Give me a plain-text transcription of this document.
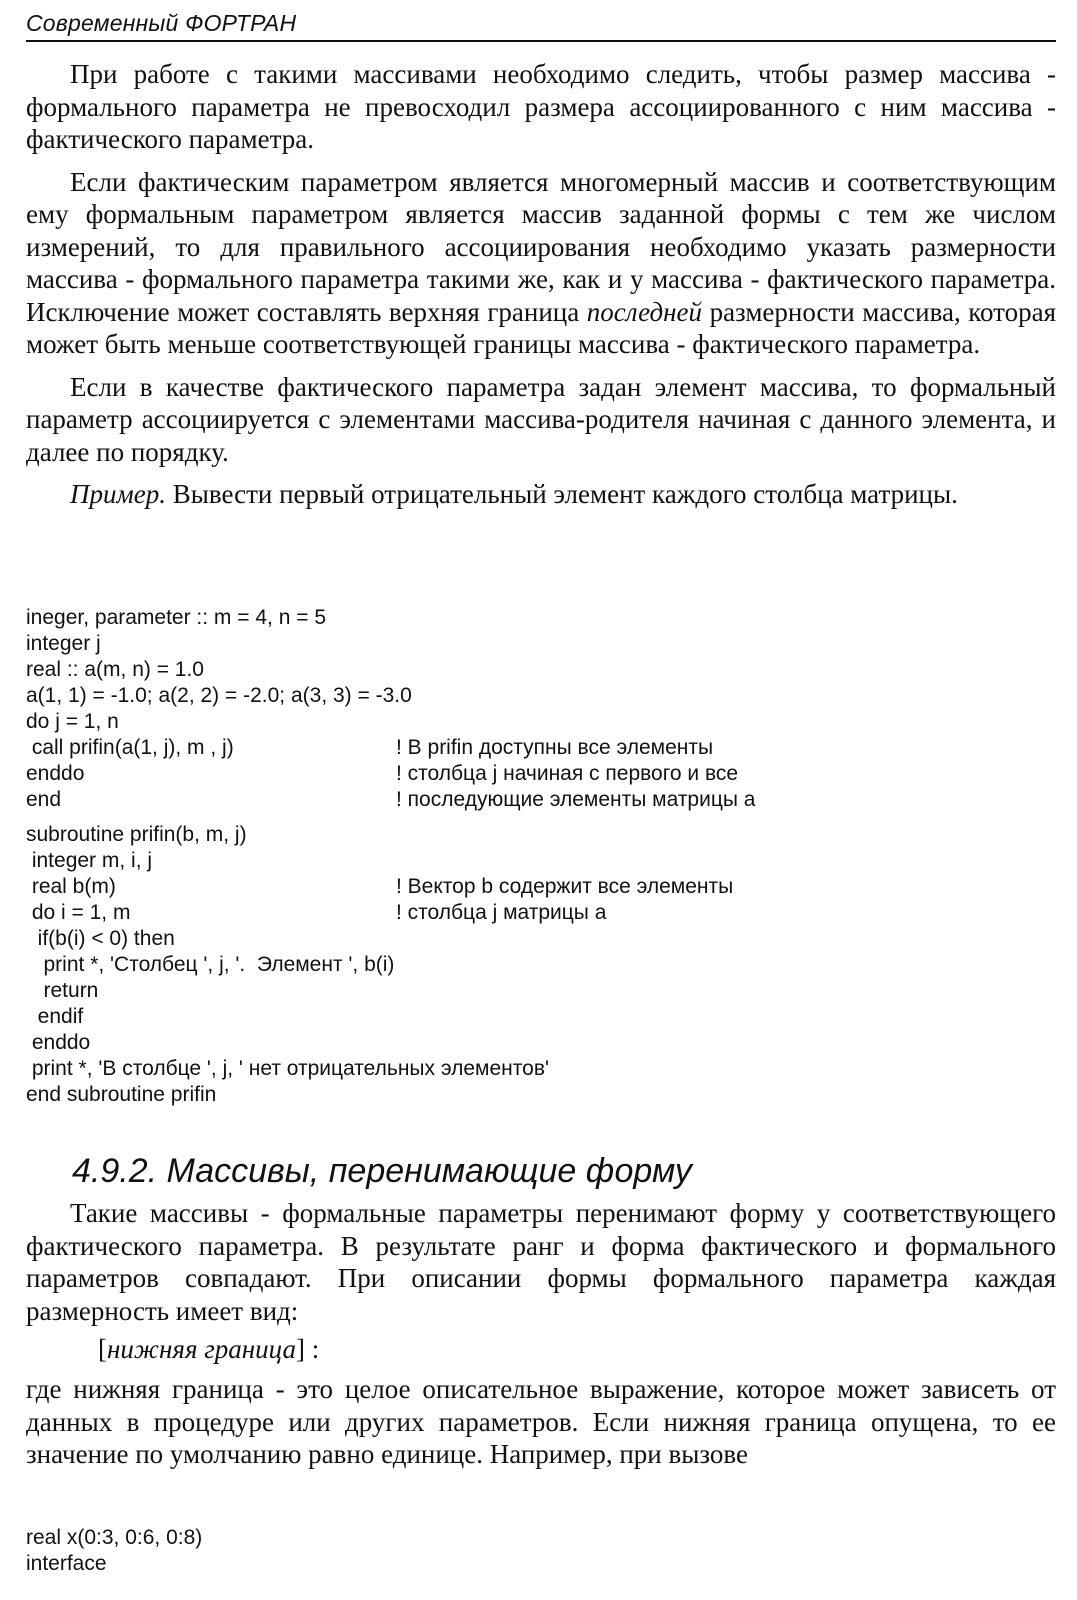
Современный ФОРТРАН

При работе с такими массивами необходимо следить, чтобы размер массива - формального параметра не превосходил размера ассоциированного с ним массива - фактического параметра.

Если фактическим параметром является многомерный массив и соответствующим ему формальным параметром является массив заданной формы с тем же числом измерений, то для правильного ассоциирования необходимо указать размерности массива - формального параметра такими же, как и у массива - фактического параметра. Исключение может составлять верхняя граница последней размерности массива, которая может быть меньше соответствующей границы массива - фактического параметра.

Если в качестве фактического параметра задан элемент массива, то формальный параметр ассоциируется с элементами массива-родителя начиная с данного элемента, и далее по порядку.

Пример. Вывести первый отрицательный элемент каждого столбца матрицы.

ineger, parameter :: m = 4, n = 5
integer j
real :: a(m, n) = 1.0
a(1, 1) = -1.0; a(2, 2) = -2.0; a(3, 3) = -3.0
do j = 1, n
call prifin(a(1, j), m , j)
enddo
end
! В prifin доступны все элементы
! столбца j начиная с первого и все
! последующие элементы матрицы а
subroutine prifin(b, m, j)
integer m, i, j
real b(m)
do i = 1, m
if(b(i) < 0) then
print *, 'Столбец ', j, '.  Элемент ', b(i)
return
endif
enddo
print *, 'В столбце ', j, ' нет отрицательных элементов'
end subroutine prifin
! Вектор b содержит все элементы
! столбца j матрицы а
4.9.2. Массивы, перенимающие форму

Такие массивы - формальные параметры перенимают форму у соответствующего фактического параметра. В результате ранг и форма фактического и формального параметров совпадают. При описании формы формального параметра каждая размерность имеет вид:

[нижняя граница] :

где нижняя граница - это целое описательное выражение, которое может зависеть от данных в процедуре или других параметров. Если нижняя граница опущена, то ее значение по умолчанию равно единице. Например, при вызове

real x(0:3, 0:6, 0:8)
interface
